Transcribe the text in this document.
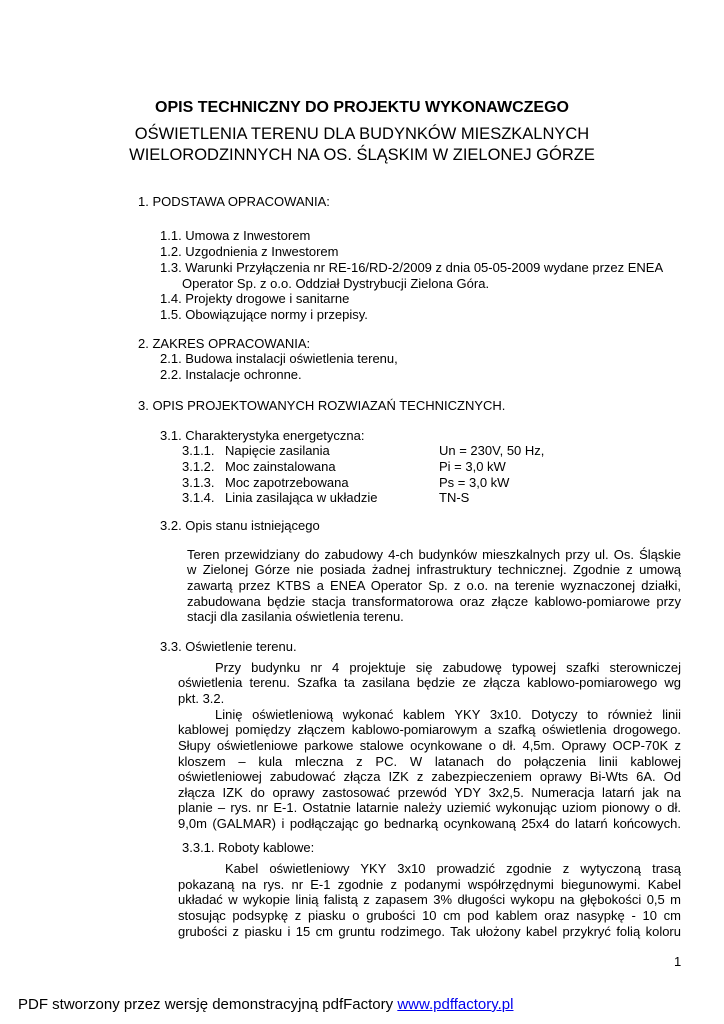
OPIS TECHNICZNY DO PROJEKTU WYKONAWCZEGO
OŚWIETLENIA TERENU DLA BUDYNKÓW MIESZKALNYCH
WIELORODZINNYCH NA OS. ŚLĄSKIM W ZIELONEJ GÓRZE
1. PODSTAWA OPRACOWANIA:
1.1. Umowa z Inwestorem
1.2. Uzgodnienia z Inwestorem
1.3. Warunki Przyłączenia nr RE-16/RD-2/2009 z dnia 05-05-2009 wydane przez ENEA
Operator Sp. z o.o. Oddział Dystrybucji Zielona Góra.
1.4. Projekty drogowe i sanitarne
1.5. Obowiązujące normy i przepisy.
2. ZAKRES OPRACOWANIA:
2.1. Budowa instalacji oświetlenia terenu,
2.2. Instalacje ochronne.
3. OPIS PROJEKTOWANYCH ROZWIAZAŃ TECHNICZNYCH.
3.1. Charakterystyka energetyczna:
3.1.1. Napięcie zasilania	Un = 230V, 50 Hz,
3.1.2. Moc zainstalowana	Pi = 3,0 kW
3.1.3. Moc zapotrzebowana	Ps = 3,0 kW
3.1.4. Linia zasilająca w układzie	TN-S
3.2. Opis stanu istniejącego
Teren przewidziany do zabudowy 4-ch budynków mieszkalnych przy ul. Os. Śląskie
w Zielonej Górze nie posiada żadnej infrastruktury technicznej. Zgodnie z umową
zawartą przez KTBS a ENEA Operator Sp. z o.o. na terenie wyznaczonej działki,
zabudowana będzie stacja transformatorowa oraz złącze kablowo-pomiarowe przy
stacji dla zasilania oświetlenia terenu.
3.3. Oświetlenie terenu.
Przy budynku nr 4 projektuje się zabudowę typowej szafki sterowniczej
oświetlenia terenu. Szafka ta zasilana będzie ze złącza kablowo-pomiarowego wg
pkt. 3.2.
Linię oświetleniową wykonać kablem YKY 3x10. Dotyczy to również linii
kablowej pomiędzy złączem kablowo-pomiarowym a szafką oświetlenia drogowego.
Słupy oświetleniowe parkowe stalowe ocynkowane o dł. 4,5m. Oprawy OCP-70K z
kloszem – kula mleczna z PC. W latanach do połączenia linii kablowej
oświetleniowej zabudować złącza IZK z zabezpieczeniem oprawy Bi-Wts 6A. Od
złącza IZK do oprawy zastosować przewód YDY 3x2,5. Numeracja latarń jak na
planie – rys. nr E-1. Ostatnie latarnie należy uziemić wykonując uziom pionowy o dł.
9,0m (GALMAR) i podłączając go bednarką ocynkowaną 25x4 do latarń końcowych.
3.3.1. Roboty kablowe:
Kabel oświetleniowy YKY 3x10 prowadzić zgodnie z wytyczoną trasą
pokazaną na rys. nr E-1 zgodnie z podanymi współrzędnymi biegunowymi. Kabel
układać w wykopie linią falistą z zapasem 3% długości wykopu na głębokości 0,5 m
stosując podsypkę z piasku o grubości 10 cm pod kablem oraz nasypkę - 10 cm
grubości z piasku i 15 cm gruntu rodzimego. Tak ułożony kabel przykryć folią koloru
1
PDF stworzony przez wersję demonstracyjną pdfFactory www.pdffactory.pl
